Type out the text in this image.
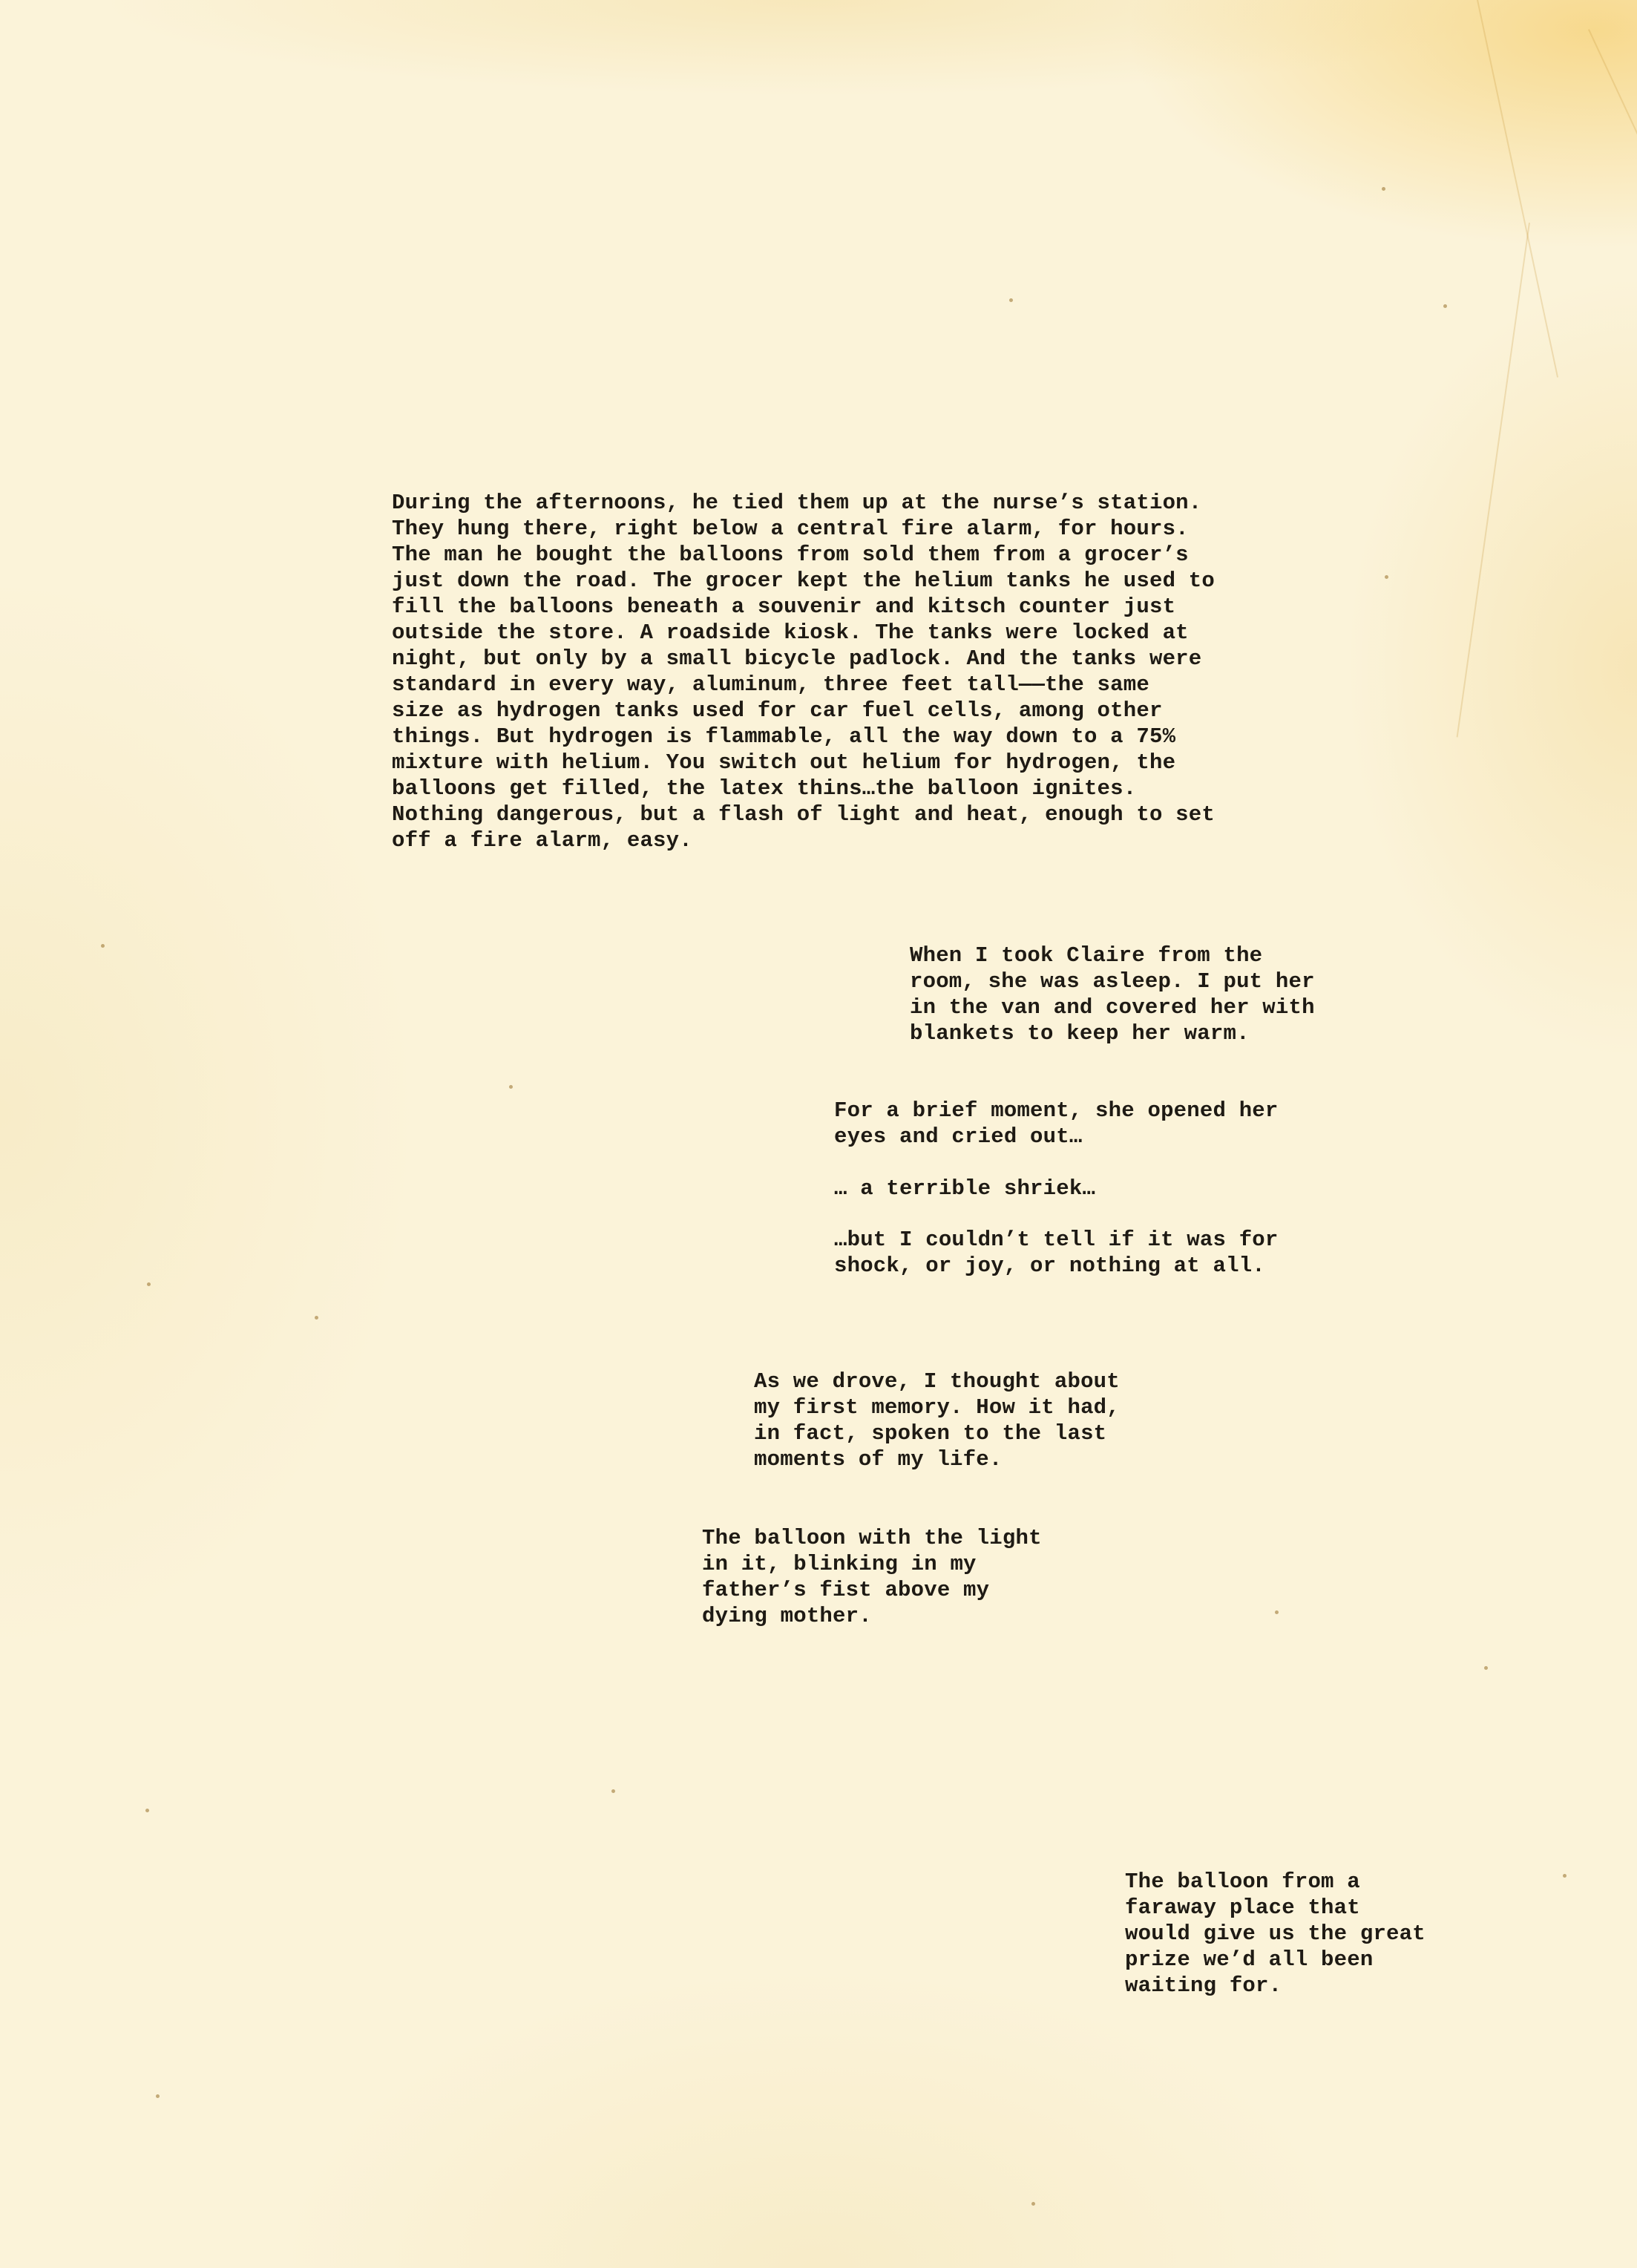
During the afternoons, he tied them up at the nurse’s station.
They hung there, right below a central fire alarm, for hours.
The man he bought the balloons from sold them from a grocer’s
just down the road. The grocer kept the helium tanks he used to
fill the balloons beneath a souvenir and kitsch counter just
outside the store. A roadside kiosk. The tanks were locked at
night, but only by a small bicycle padlock. And the tanks were
standard in every way, aluminum, three feet tall——the same
size as hydrogen tanks used for car fuel cells, among other
things. But hydrogen is flammable, all the way down to a 75%
mixture with helium. You switch out helium for hydrogen, the
balloons get filled, the latex thins…the balloon ignites.
Nothing dangerous, but a flash of light and heat, enough to set
off a fire alarm, easy.
When I took Claire from the
room, she was asleep. I put her
in the van and covered her with
blankets to keep her warm.
For a brief moment, she opened her
eyes and cried out…
… a terrible shriek…
…but I couldn’t tell if it was for
shock, or joy, or nothing at all.
As we drove, I thought about
my first memory. How it had,
in fact, spoken to the last
moments of my life.
The balloon with the light
in it, blinking in my
father’s fist above my
dying mother.
The balloon from a
faraway place that
would give us the great
prize we’d all been
waiting for.
